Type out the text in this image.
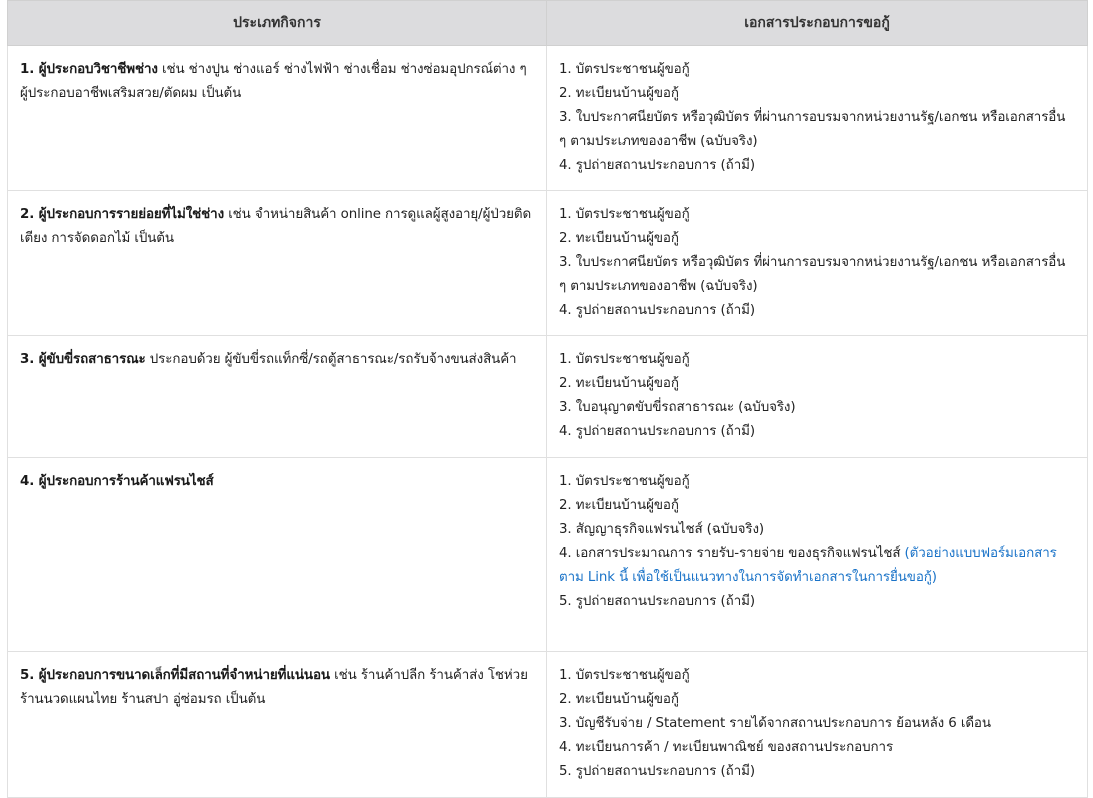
ประเภทกิจการ	เอกสารประกอบการขอกู้
1. ผู้ประกอบวิชาชีพช่าง เช่น ช่างปูน ช่างแอร์ ช่างไฟฟ้า ช่างเชื่อม ช่างซ่อมอุปกรณ์ต่าง ๆ ผู้ประกอบอาชีพเสริมสวย/ตัดผม เป็นต้น	1. บัตรประชาชนผู้ขอกู้
2. ทะเบียนบ้านผู้ขอกู้
3. ใบประกาศนียบัตร หรือวุฒิบัตร ที่ผ่านการอบรมจากหน่วยงานรัฐ/เอกชน หรือเอกสารอื่น ๆ ตามประเภทของอาชีพ (ฉบับจริง)
4. รูปถ่ายสถานประกอบการ (ถ้ามี)

2. ผู้ประกอบการรายย่อยที่ไม่ใช่ช่าง เช่น จำหน่ายสินค้า online การดูแลผู้สูงอายุ/ผู้ป่วยติดเตียง การจัดดอกไม้ เป็นต้น	1. บัตรประชาชนผู้ขอกู้
2. ทะเบียนบ้านผู้ขอกู้
3. ใบประกาศนียบัตร หรือวุฒิบัตร ที่ผ่านการอบรมจากหน่วยงานรัฐ/เอกชน หรือเอกสารอื่น ๆ ตามประเภทของอาชีพ (ฉบับจริง)
4. รูปถ่ายสถานประกอบการ (ถ้ามี)

3. ผู้ขับขี่รถสาธารณะ ประกอบด้วย ผู้ขับขี่รถแท็กซี่/รถตู้สาธารณะ/รถรับจ้างขนส่งสินค้า	1. บัตรประชาชนผู้ขอกู้
2. ทะเบียนบ้านผู้ขอกู้
3. ใบอนุญาตขับขี่รถสาธารณะ (ฉบับจริง)
4. รูปถ่ายสถานประกอบการ (ถ้ามี)

4. ผู้ประกอบการร้านค้าแฟรนไชส์	1. บัตรประชาชนผู้ขอกู้
2. ทะเบียนบ้านผู้ขอกู้
3. สัญญาธุรกิจแฟรนไชส์ (ฉบับจริง)
4. เอกสารประมาณการ รายรับ-รายจ่าย ของธุรกิจแฟรนไชส์ (ตัวอย่างแบบฟอร์มเอกสารตาม Link นี้ เพื่อใช้เป็นแนวทางในการจัดทำเอกสารในการยื่นขอกู้)
5. รูปถ่ายสถานประกอบการ (ถ้ามี)

5. ผู้ประกอบการขนาดเล็กที่มีสถานที่จำหน่ายที่แน่นอน เช่น ร้านค้าปลีก ร้านค้าส่ง โชห่วย ร้านนวดแผนไทย ร้านสปา อู่ซ่อมรถ เป็นต้น	1. บัตรประชาชนผู้ขอกู้
2. ทะเบียนบ้านผู้ขอกู้
3. บัญชีรับจ่าย / Statement รายได้จากสถานประกอบการ ย้อนหลัง 6 เดือน
4. ทะเบียนการค้า / ทะเบียนพาณิชย์ ของสถานประกอบการ
5. รูปถ่ายสถานประกอบการ (ถ้ามี)
